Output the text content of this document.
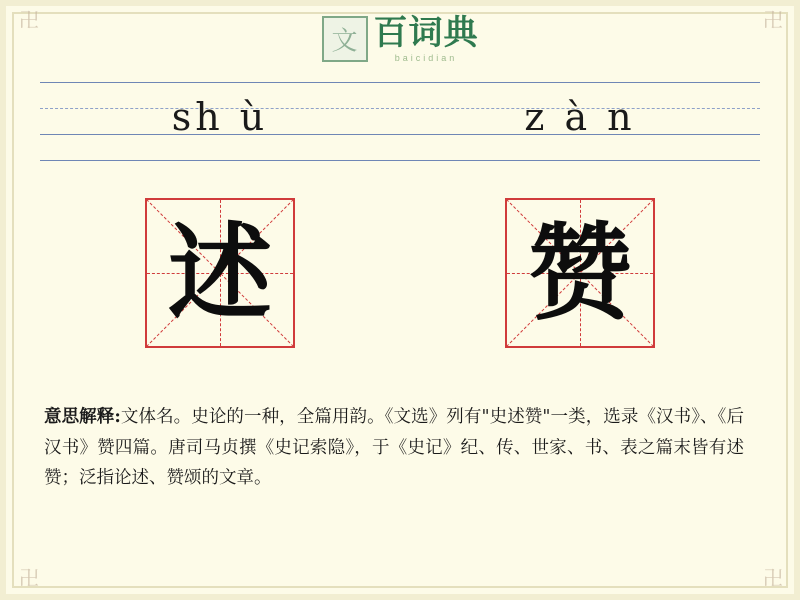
卍	卍
卍	卍
文 百词典
baicidian
sh ù	z à n
述 赞
意思解释:文体名。史论的一种，全篇用韵。《文选》列有"史述赞"一类，选录《汉书》、《后汉书》赞四篇。唐司马贞撰《史记索隐》，于《史记》纪、传、世家、书、表之篇末皆有述赞；泛指论述、赞颂的文章。
